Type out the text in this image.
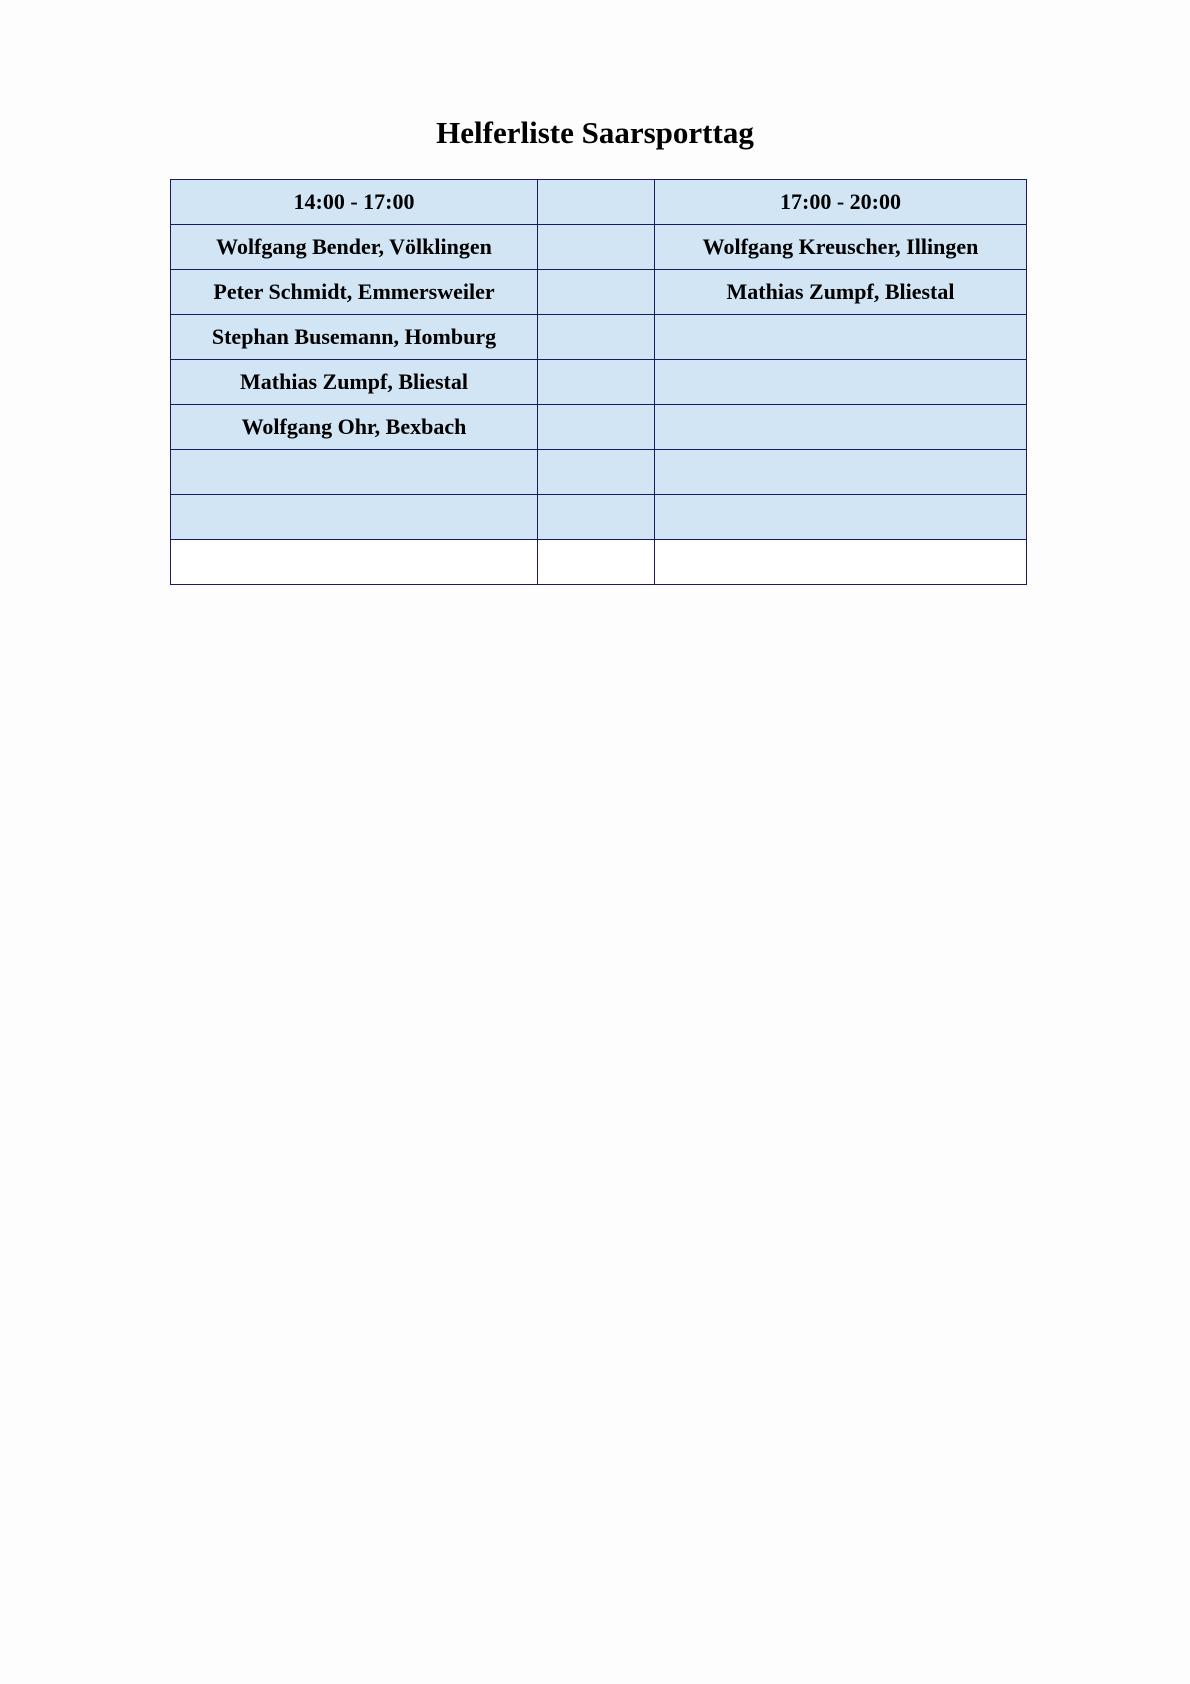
Helferliste Saarsporttag
14:00 - 17:00		17:00 - 20:00
Wolfgang Bender, Völklingen		Wolfgang Kreuscher, Illingen
Peter Schmidt, Emmersweiler		Mathias Zumpf, Bliestal
Stephan Busemann, Homburg		
Mathias Zumpf, Bliestal		
Wolfgang Ohr, Bexbach		
